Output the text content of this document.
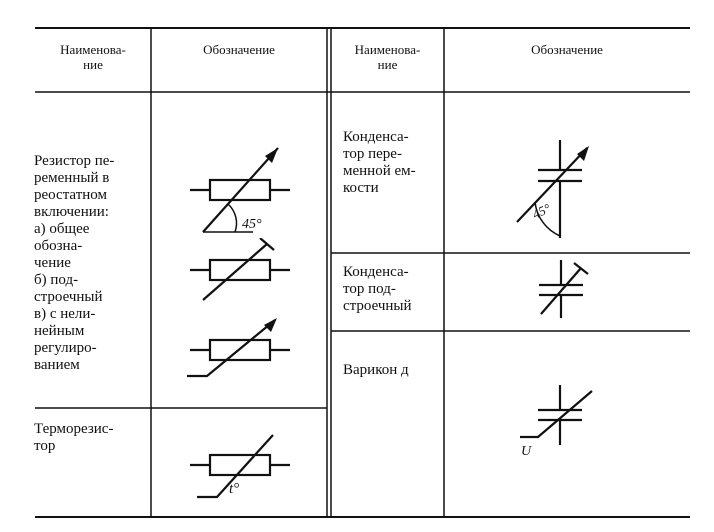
Наименова-
ние
Обозначение	Наименова-
ние
Обозначение
Резистор пе-
ременный в
реостатном
включении:
а) общее
обозна-
чение
б) под-
строечный
в) с нели-
нейным
регулиро-
ванием
Терморезис-
тор
Конденса-
тор пере-
менной ем-
кости
Конденса-
тор под-
строечный
Варикон д
45°
t°
45°
U
